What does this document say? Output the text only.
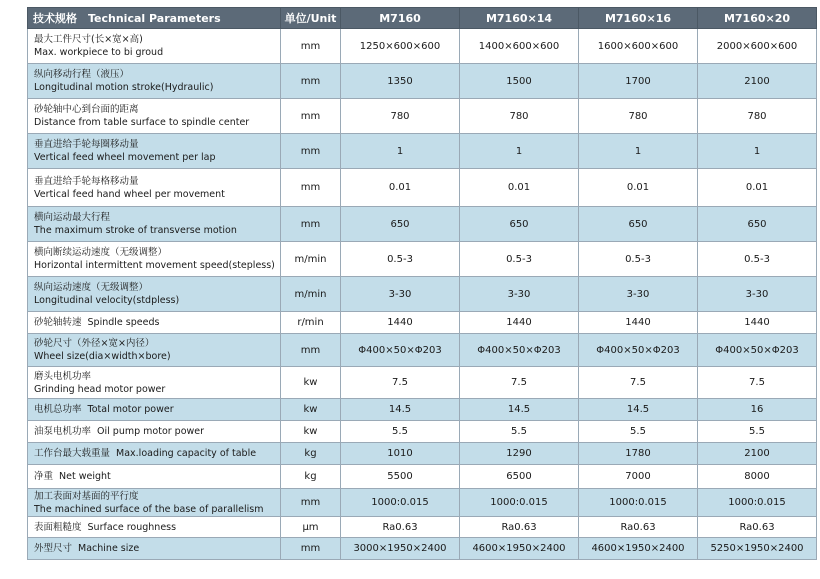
技术规格　Technical Parameters	单位/Unit	M7160	M7160×14	M7160×16	M7160×20

最大工件尺寸(长×宽×高)
Max. workpiece to bi groud	mm	1250×600×600	1400×600×600	1600×600×600	2000×600×600

纵向移动行程（液压）
Longitudinal motion stroke(Hydraulic)	mm	1350	1500	1700	2100

砂轮轴中心到台面的距离
Distance from table surface to spindle center	mm	780	780	780	780

垂直进给手轮每圈移动量
Vertical feed wheel movement per lap	mm	1	1	1	1

垂直进给手轮每格移动量
Vertical feed hand wheel per movement	mm	0.01	0.01	0.01	0.01

横向运动最大行程
The maximum stroke of transverse motion	mm	650	650	650	650

横向断续运动速度（无级调整）
Horizontal intermittent movement speed(stepless)	m/min	0.5-3	0.5-3	0.5-3	0.5-3

纵向运动速度（无级调整）
Longitudinal velocity(stdpless)	m/min	3-30	3-30	3-30	3-30
砂轮轴转速 Spindle speeds	r/min	1440	1440	1440	1440

砂轮尺寸（外径×宽×内径）
Wheel size(dia×width×bore)	mm	Φ400×50×Φ203	Φ400×50×Φ203	Φ400×50×Φ203	Φ400×50×Φ203

磨头电机功率
Grinding head motor power	kw	7.5	7.5	7.5	7.5
电机总功率 Total motor power	kw	14.5	14.5	14.5	16
油泵电机功率 Oil pump motor power	kw	5.5	5.5	5.5	5.5
工作台最大载重量 Max.loading capacity of table	kg	1010	1290	1780	2100
净重 Net weight	kg	5500	6500	7000	8000

加工表面对基面的平行度
The machined surface of the base of parallelism	mm	1000:0.015	1000:0.015	1000:0.015	1000:0.015
表面粗糙度 Surface roughness	μm	Ra0.63	Ra0.63	Ra0.63	Ra0.63
外型尺寸 Machine size	mm	3000×1950×2400	4600×1950×2400	4600×1950×2400	5250×1950×2400
